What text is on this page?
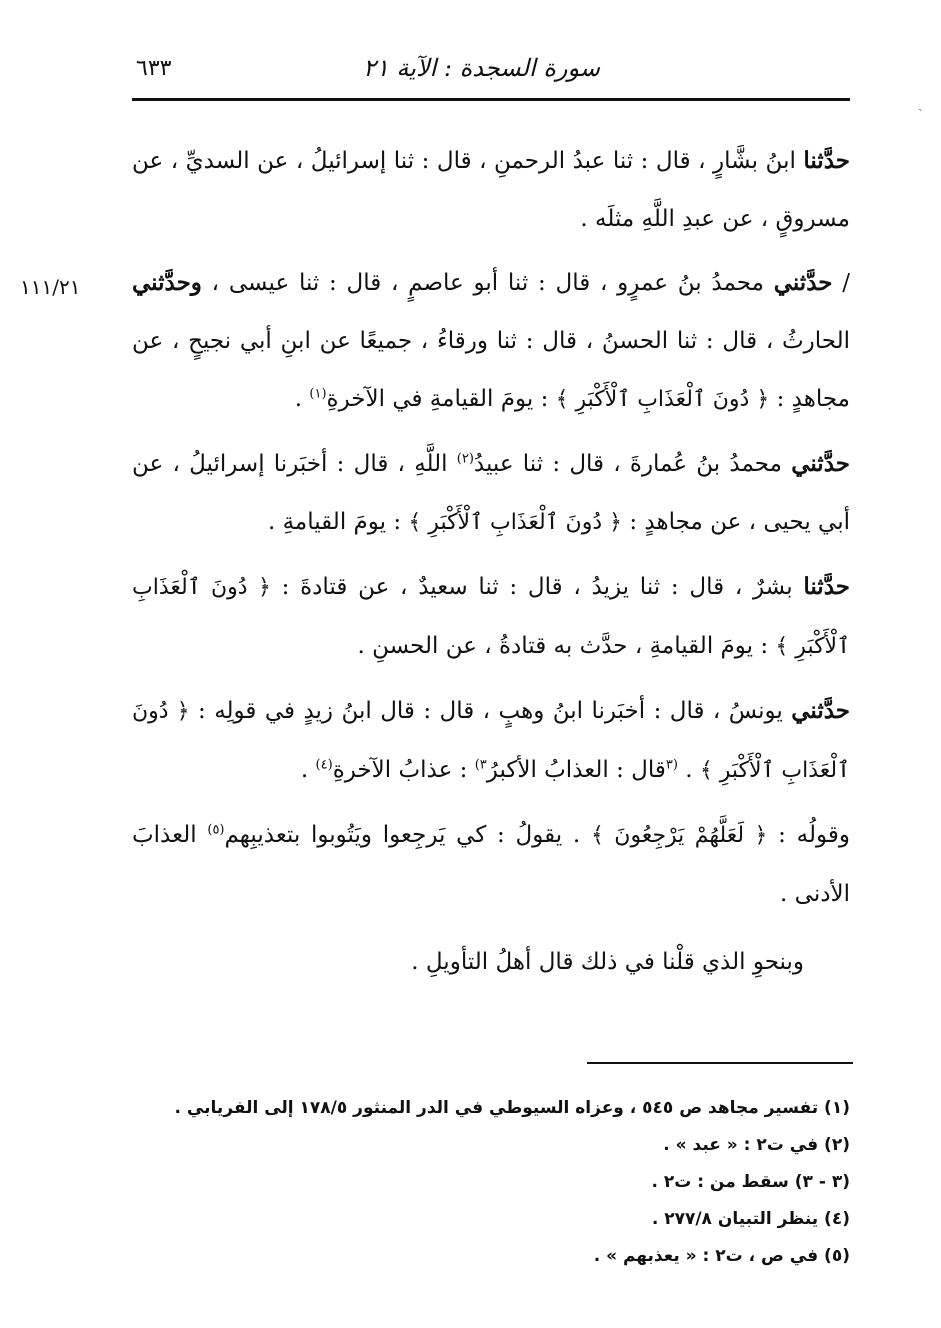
سورة السجدة : الآية ٢١
٦٣٣
ˎ

حدَّثنا ابنُ بشَّارٍ ، قال : ثنا عبدُ الرحمنِ ، قال : ثنا إسرائيلُ ، عن السديِّ ، عن مسروقٍ ، عن عبدِ اللَّهِ مثلَه .

/ حدَّثني محمدُ بنُ عمرٍو ، قال : ثنا أبو عاصمٍ ، قال : ثنا عيسى ، وحدَّثني الحارثُ ، قال : ثنا الحسنُ ، قال : ثنا ورقاءُ ، جميعًا عن ابنِ أبي نجيحٍ ، عن مجاهدٍ : ﴿ دُونَ ٱلْعَذَابِ ٱلْأَكْبَرِ ﴾ : يومَ القيامةِ في الآخرةِ$^{(١)}$ .
١١١/٢١

حدَّثني محمدُ بنُ عُمارةَ ، قال : ثنا عبيدُ$^{(٢)}$ اللَّهِ ، قال : أخبَرنا إسرائيلُ ، عن أبي يحيى ، عن مجاهدٍ : ﴿ دُونَ ٱلْعَذَابِ ٱلْأَكْبَرِ ﴾ : يومَ القيامةِ .

حدَّثنا بشرٌ ، قال : ثنا يزيدُ ، قال : ثنا سعيدٌ ، عن قتادةَ : ﴿ دُونَ ٱلْعَذَابِ ٱلْأَكْبَرِ ﴾ : يومَ القيامةِ ، حدَّث به قتادةُ ، عن الحسنِ .

حدَّثني يونسُ ، قال : أخبَرنا ابنُ وهبٍ ، قال : قال ابنُ زيدٍ في قولِه : ﴿ دُونَ ٱلْعَذَابِ ٱلْأَكْبَرِ ﴾ . $^{(٣}$قال : العذابُ الأكبرُ$^{٣)}$ : عذابُ الآخرةِ$^{(٤)}$ .

وقولُه : ﴿ لَعَلَّهُمْ يَرْجِعُونَ ﴾ . يقولُ : كي يَرجِعوا ويَتُوبوا بتعذيبِهم$^{(٥)}$ العذابَ الأدنى .

وبنحوِ الذي قلْنا في ذلك قال أهلُ التأويلِ .

(١) تفسير مجاهد ص ٥٤٥ ، وعزاه السيوطي في الدر المنثور ١٧٨/٥ إلى الفريابي .

(٢) في ت٢ : « عبد » .

(٣ - ٣) سقط من : ت٢ .

(٤) ينظر التبيان ٢٧٧/٨ .

(٥) في ص ، ت٢ : « يعذبهم » .
